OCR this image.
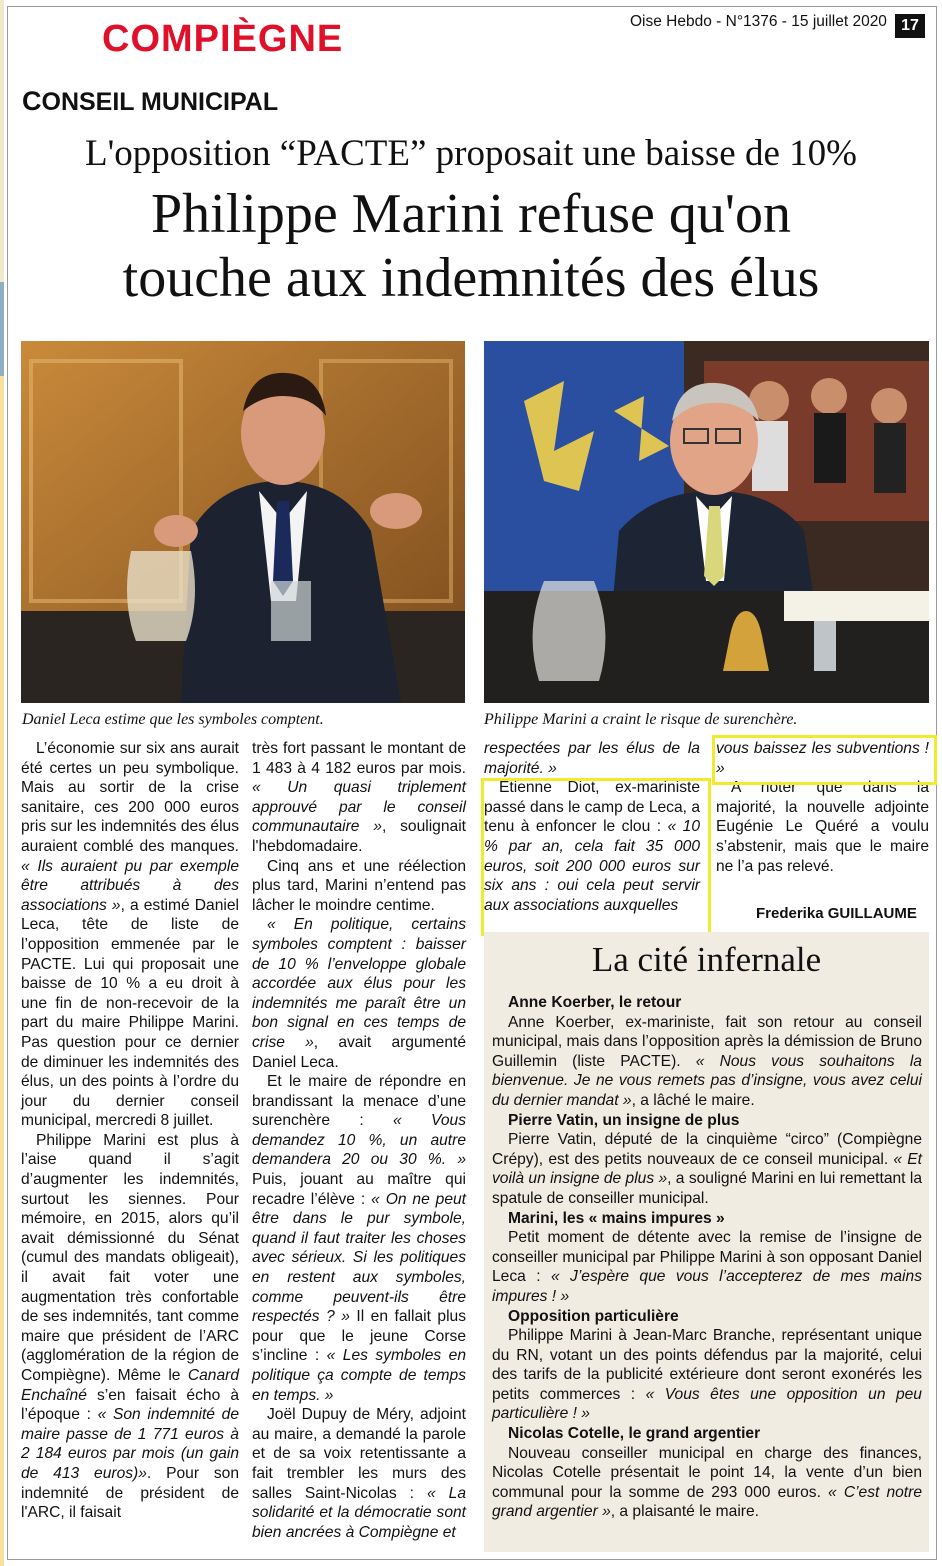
COMPIÈGNE	Oise Hebdo - N°1376 - 15 juillet 2020 17
CONSEIL MUNICIPAL
L'opposition “PACTE” proposait une baisse de 10%
Philippe Marini refuse qu'on
touche aux indemnités des élus
Daniel Leca estime que les symboles comptent.	Philippe Marini a craint le risque de surenchère.

L’économie sur six ans aurait été certes un peu symbolique. Mais au sortir de la crise sanitaire, ces 200 000 euros pris sur les indemnités des élus auraient comblé des manques. « Ils auraient pu par exemple être attribués à des associations », a estimé Daniel Leca, tête de liste de l’opposition emmenée par le PACTE. Lui qui proposait une baisse de 10 % a eu droit à une fin de non-recevoir de la part du maire Philippe Marini. Pas question pour ce dernier de diminuer les indemnités des élus, un des points à l’ordre du jour du dernier conseil municipal, mercredi 8 juillet.

Philippe Marini est plus à l’aise quand il s’agit d’augmenter les indemnités, surtout les siennes. Pour mémoire, en 2015, alors qu’il avait démissionné du Sénat (cumul des mandats obligeait), il avait fait voter une augmentation très confortable de ses indemnités, tant comme maire que président de l’ARC (agglomération de la région de Compiègne). Même le Canard Enchaîné s’en faisait écho à l’époque : « Son indemnité de maire passe de 1 771 euros à 2 184 euros par mois (un gain de 413 euros)». Pour son indemnité de président de l'ARC, il faisait

très fort passant le montant de 1 483 à 4 182 euros par mois. « Un quasi triplement approuvé par le conseil communautaire », soulignait l'hebdomadaire.

Cinq ans et une réélection plus tard, Marini n’entend pas lâcher le moindre centime.

« En politique, certains symboles comptent : baisser de 10 % l’enveloppe globale accordée aux élus pour les indemnités me paraît être un bon signal en ces temps de crise », avait argumenté Daniel Leca.

Et le maire de répondre en brandissant la menace d’une surenchère : « Vous demandez 10 %, un autre demandera 20 ou 30 %. » Puis, jouant au maître qui recadre l’élève : « On ne peut être dans le pur symbole, quand il faut traiter les choses avec sérieux. Si les politiques en restent aux symboles, comme peuvent-ils être respectés ? » Il en fallait plus pour que le jeune Corse s’incline : « Les symboles en politique ça compte de temps en temps. »

Joël Dupuy de Méry, adjoint au maire, a demandé la parole et de sa voix retentissante a fait trembler les murs des salles Saint-Nicolas : « La solidarité et la démocratie sont bien ancrées à Compiègne et

respectées par les élus de la majorité. »

Etienne Diot, ex-mariniste passé dans le camp de Leca, a tenu à enfoncer le clou : « 10 % par an, cela fait 35 000 euros, soit 200 000 euros sur six ans : oui cela peut servir aux associations auxquelles

vous baissez les subventions ! »

A noter que dans la majorité, la nouvelle adjointe Eugénie Le Quéré a voulu s’abstenir, mais que le maire ne l’a pas relevé.

Frederika GUILLAUME
La cité infernale
Anne Koerber, le retour

Anne Koerber, ex-mariniste, fait son retour au conseil municipal, mais dans l’opposition après la démission de Bruno Guillemin (liste PACTE). « Nous vous souhaitons la bienvenue. Je ne vous remets pas d’insigne, vous avez celui du dernier mandat », a lâché le maire.

Pierre Vatin, un insigne de plus

Pierre Vatin, député de la cinquième “circo” (Compiègne Crépy), est des petits nouveaux de ce conseil municipal. « Et voilà un insigne de plus », a souligné Marini en lui remettant la spatule de conseiller municipal.

Marini, les « mains impures »

Petit moment de détente avec la remise de l’insigne de conseiller municipal par Philippe Marini à son opposant Daniel Leca : « J’espère que vous l’accepterez de mes mains impures ! »

Opposition particulière

Philippe Marini à Jean-Marc Branche, représentant unique du RN, votant un des points défendus par la majorité, celui des tarifs de la publicité extérieure dont seront exonérés les petits commerces : « Vous êtes une opposition un peu particulière ! »

Nicolas Cotelle, le grand argentier

Nouveau conseiller municipal en charge des finances, Nicolas Cotelle présentait le point 14, la vente d’un bien communal pour la somme de 293 000 euros. « C’est notre grand argentier », a plaisanté le maire.
